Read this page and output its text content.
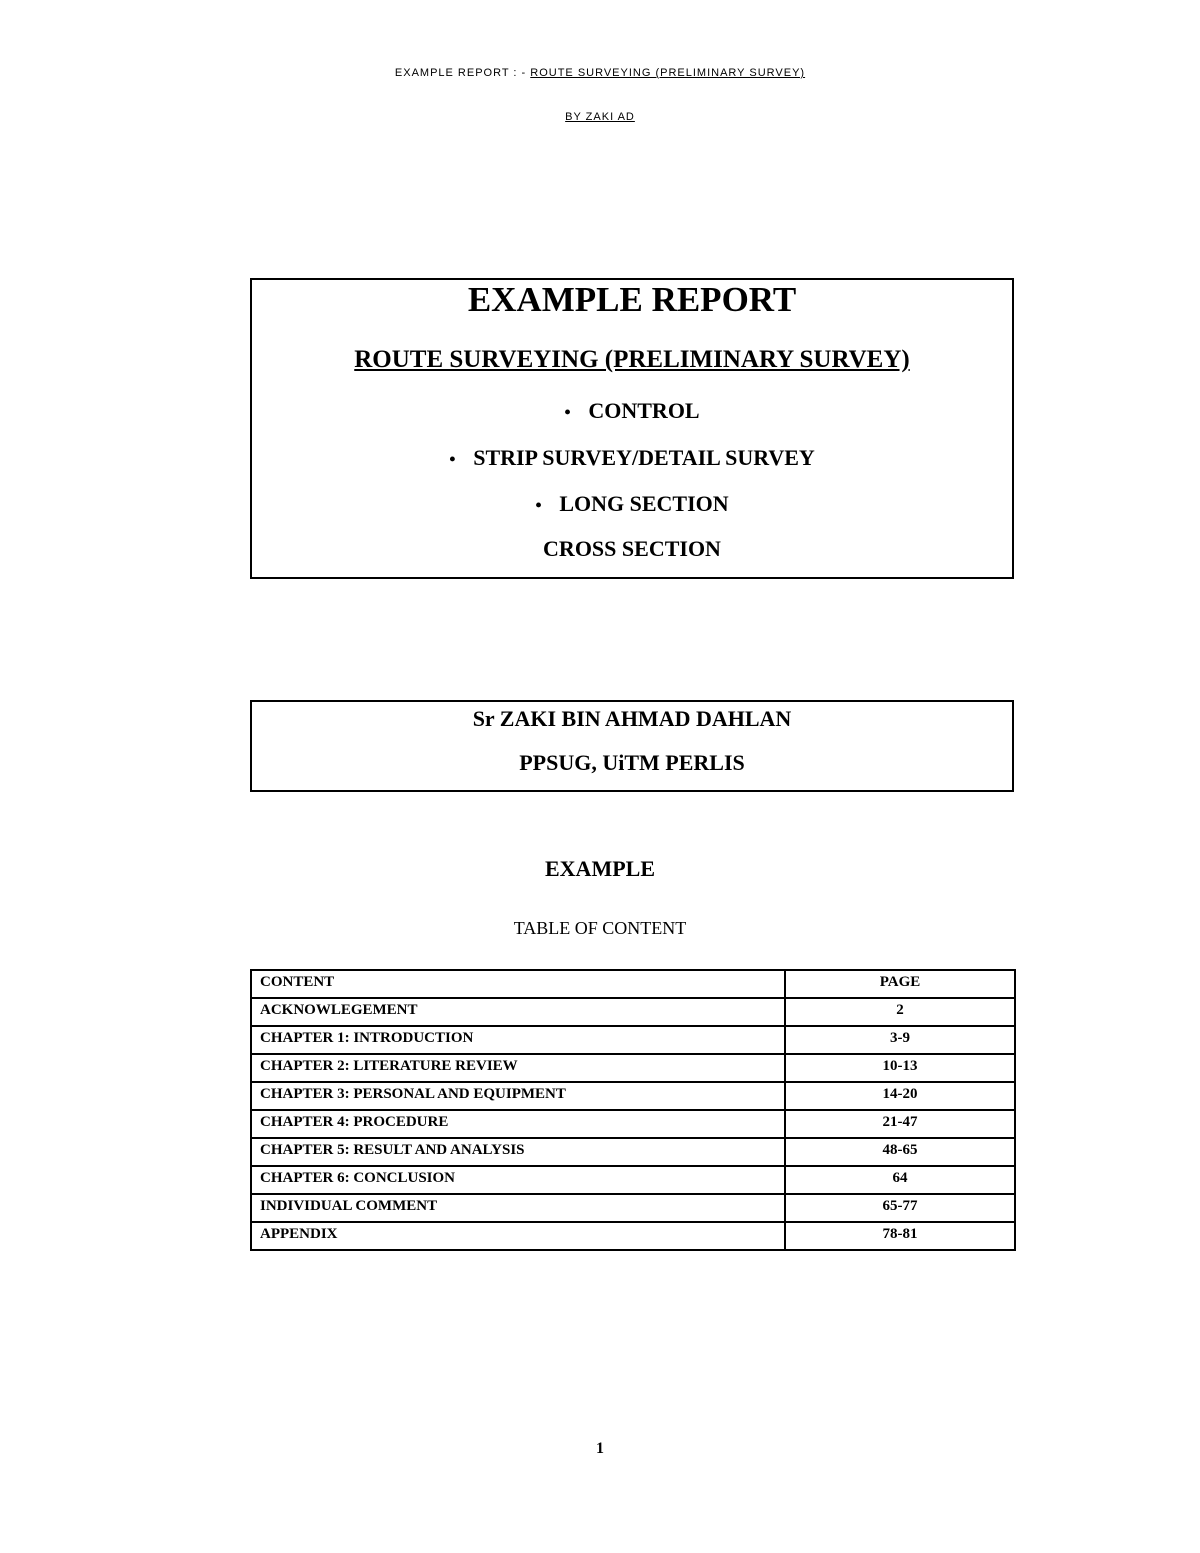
EXAMPLE REPORT : - ROUTE SURVEYING (PRELIMINARY SURVEY)
BY ZAKI AD
EXAMPLE REPORT
ROUTE SURVEYING (PRELIMINARY SURVEY)
• CONTROL
• STRIP SURVEY/DETAIL SURVEY
• LONG SECTION
CROSS SECTION
Sr ZAKI BIN AHMAD DAHLAN
PPSUG, UiTM PERLIS
EXAMPLE
TABLE OF CONTENT
CONTENT	PAGE
ACKNOWLEGEMENT	2
CHAPTER 1: INTRODUCTION	3-9
CHAPTER 2: LITERATURE REVIEW	10-13
CHAPTER 3: PERSONAL AND EQUIPMENT	14-20
CHAPTER 4: PROCEDURE	21-47
CHAPTER 5: RESULT AND ANALYSIS	48-65
CHAPTER 6: CONCLUSION	64
INDIVIDUAL COMMENT	65-77
APPENDIX	78-81
1
